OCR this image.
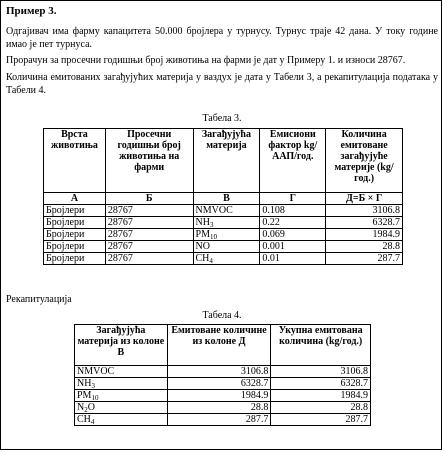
Пример 3.
Одгајивач има фарму капацитета 50.000 бројлера у турнусу. Турнус траје 42 дана. У току године имао је пет турнуса.
Прорачун за просечни годишњи број животиња на фарми је дат у Примеру 1. и износи 28767.
Количина емитованих загађујућих материја у ваздух је дата у Табели 3, а рекапитулација података у Табели 4.
Табела 3.
Врста животиња	Просечни годишњи број животиња на фарми	Загађујућа материја	Емисиони фактор kg/ААП/год.	Количина емитоване загађујуће материје (kg/год.)
А	Б	В	Г	Д=Б × Г
Бројлери	28767	NMVOC	0.108	3106.8
Бројлери	28767	$NH_3$	0.22	6328.7
Бројлери	28767	$PM_{10}$	0.069	1984.9
Бројлери	28767	NO	0.001	28.8
Бројлери	28767	$CH_4$	0.01	287.7
Рекапитулација
Табела 4.
Загађујућа материја из колоне В	Емитоване количине из колоне Д	Укупна емитована количина (kg/год.)
NMVOC	3106.8	3106.8
$NH_3$	6328.7	6328.7
$PM_{10}$	1984.9	1984.9
$N_2O$	28.8	28.8
$CH_4$	287.7	287.7
